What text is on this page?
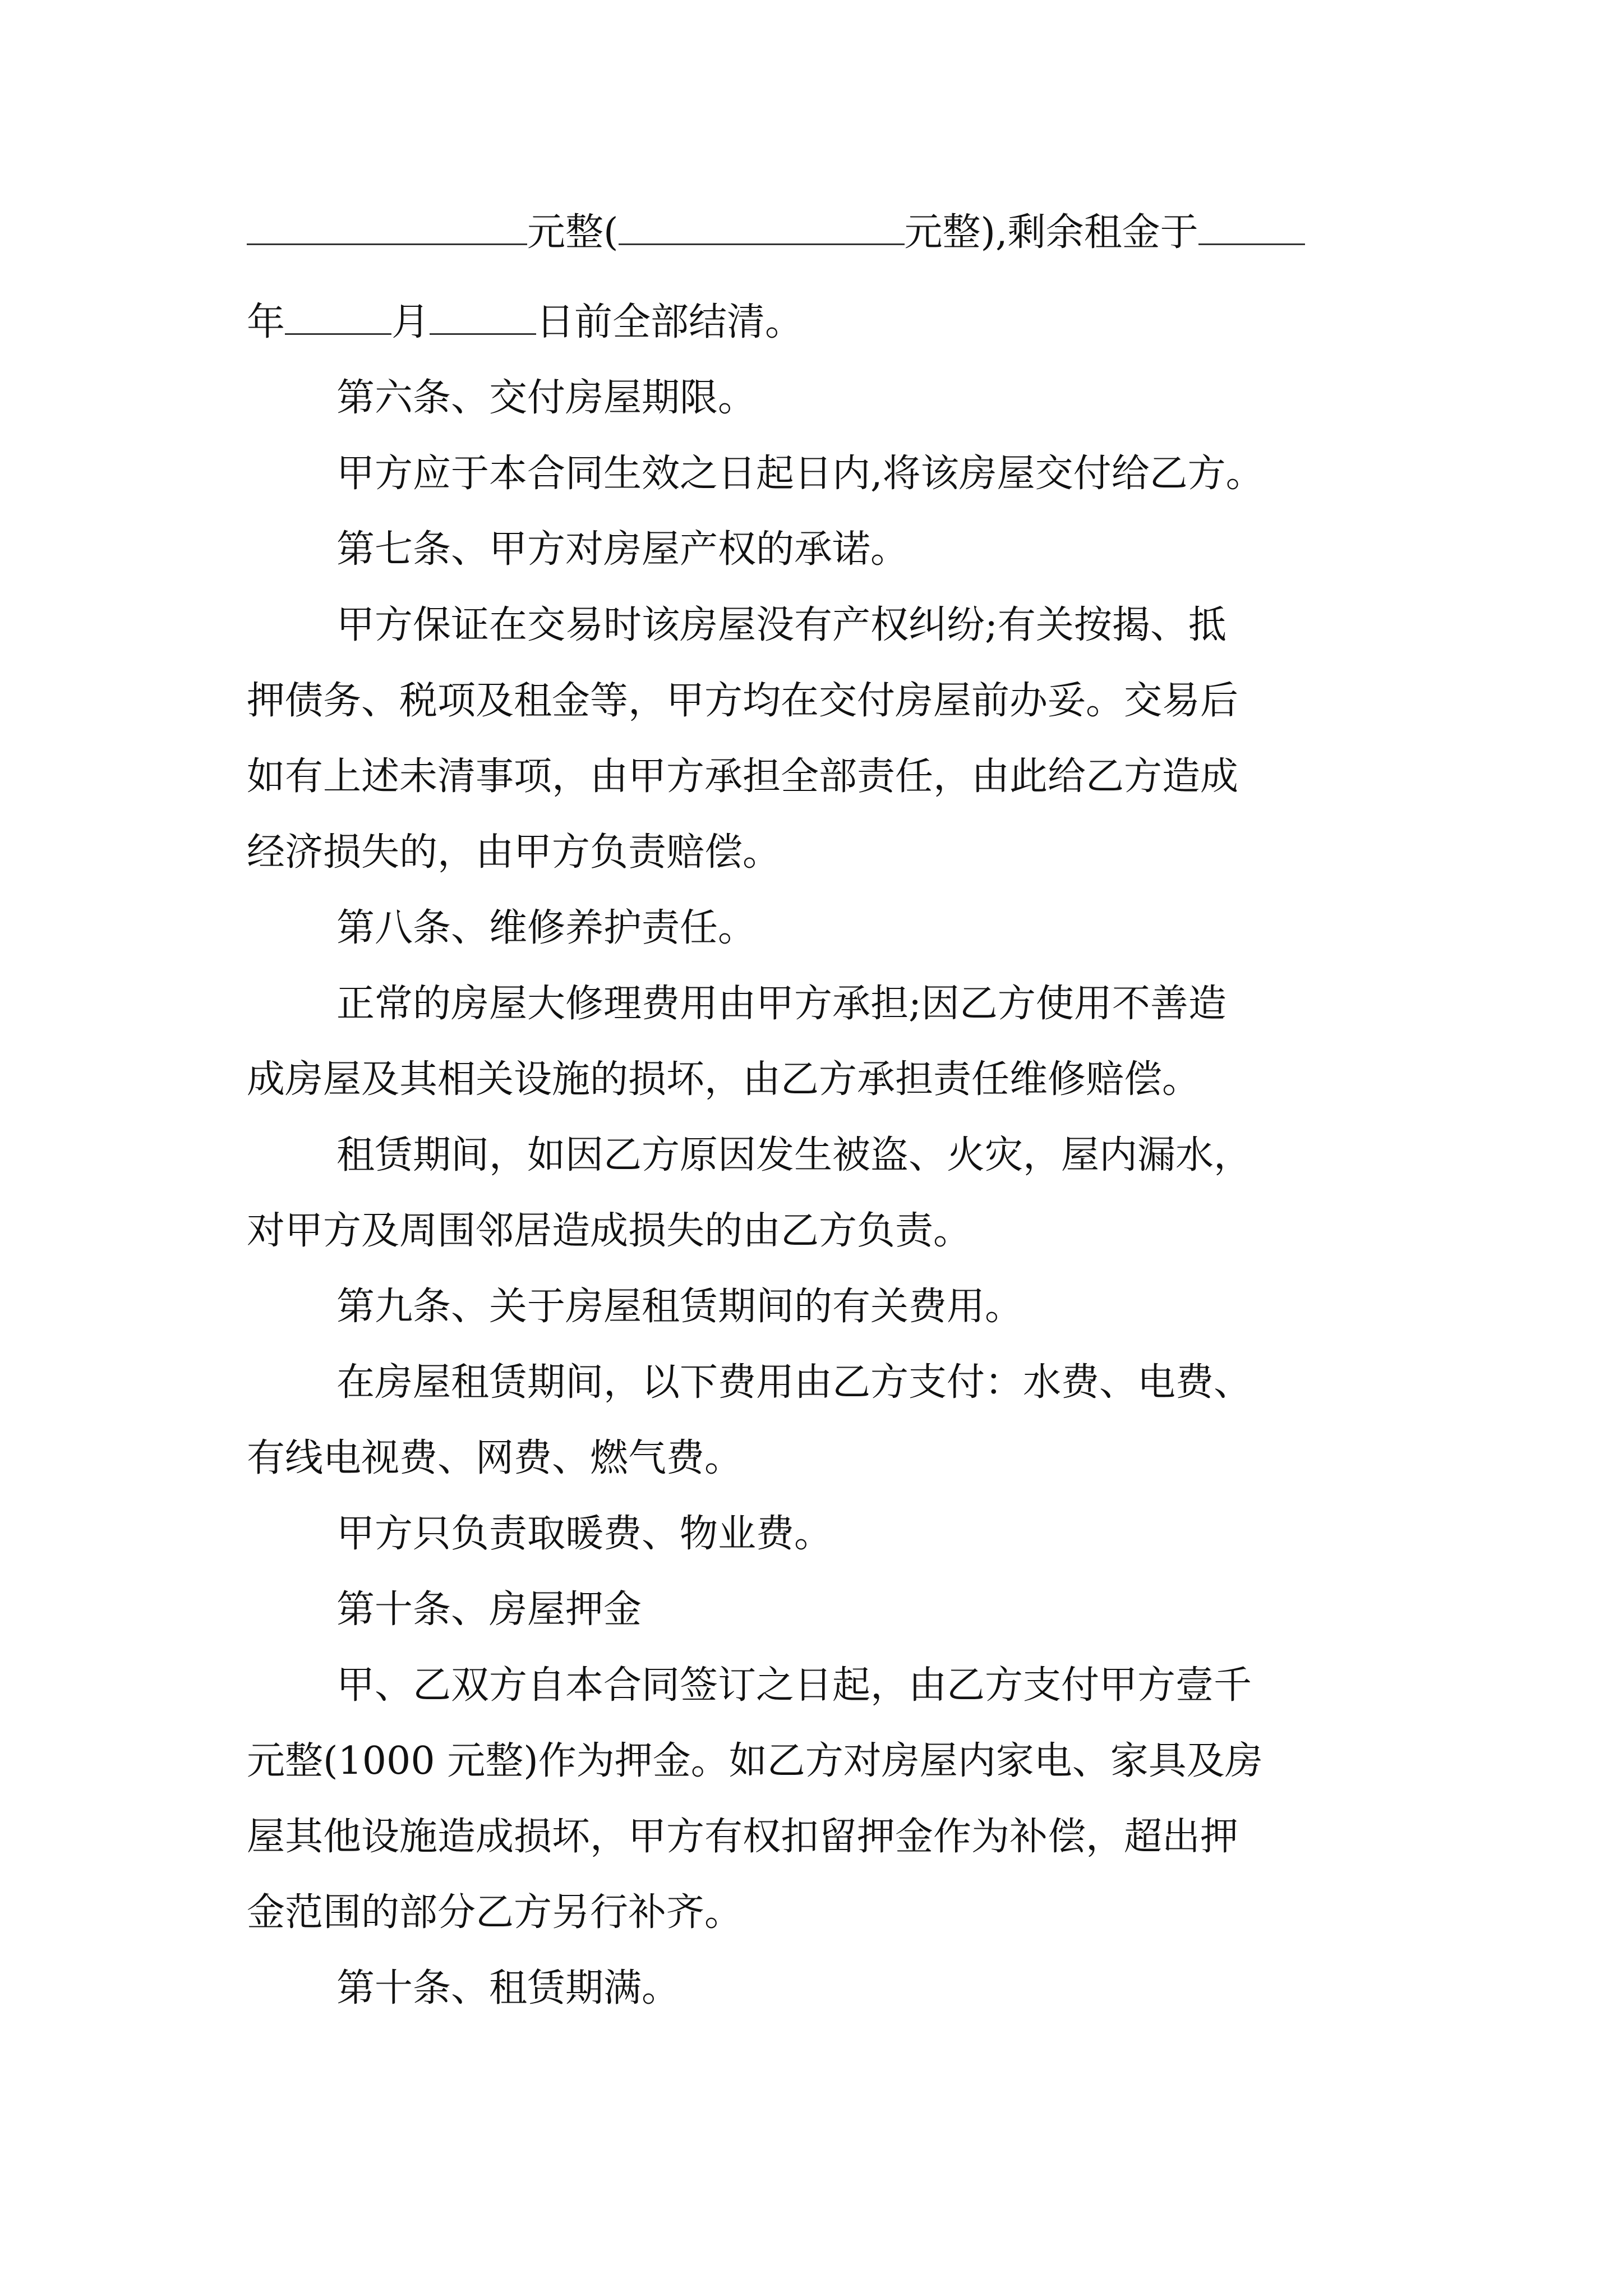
元整(	元整),剩余租金于
年	月	日前全部结清。
第六条、交付房屋期限。
甲方应于本合同生效之日起日内,将该房屋交付给乙方。
第七条、甲方对房屋产权的承诺。
甲方保证在交易时该房屋没有产权纠纷;有关按揭、抵
押债务、税项及租金等，甲方均在交付房屋前办妥。交易后
如有上述未清事项，由甲方承担全部责任，由此给乙方造成
经济损失的，由甲方负责赔偿。
第八条、维修养护责任。
正常的房屋大修理费用由甲方承担;因乙方使用不善造
成房屋及其相关设施的损坏，由乙方承担责任维修赔偿。
租赁期间，如因乙方原因发生被盗、火灾，屋内漏水，
对甲方及周围邻居造成损失的由乙方负责。
第九条、关于房屋租赁期间的有关费用。
在房屋租赁期间，以下费用由乙方支付：水费、电费、
有线电视费、网费、燃气费。
甲方只负责取暖费、物业费。
第十条、房屋押金
甲、乙双方自本合同签订之日起，由乙方支付甲方壹千
元整(1000 元整)作为押金。如乙方对房屋内家电、家具及房
屋其他设施造成损坏，甲方有权扣留押金作为补偿，超出押
金范围的部分乙方另行补齐。
第十条、租赁期满。
